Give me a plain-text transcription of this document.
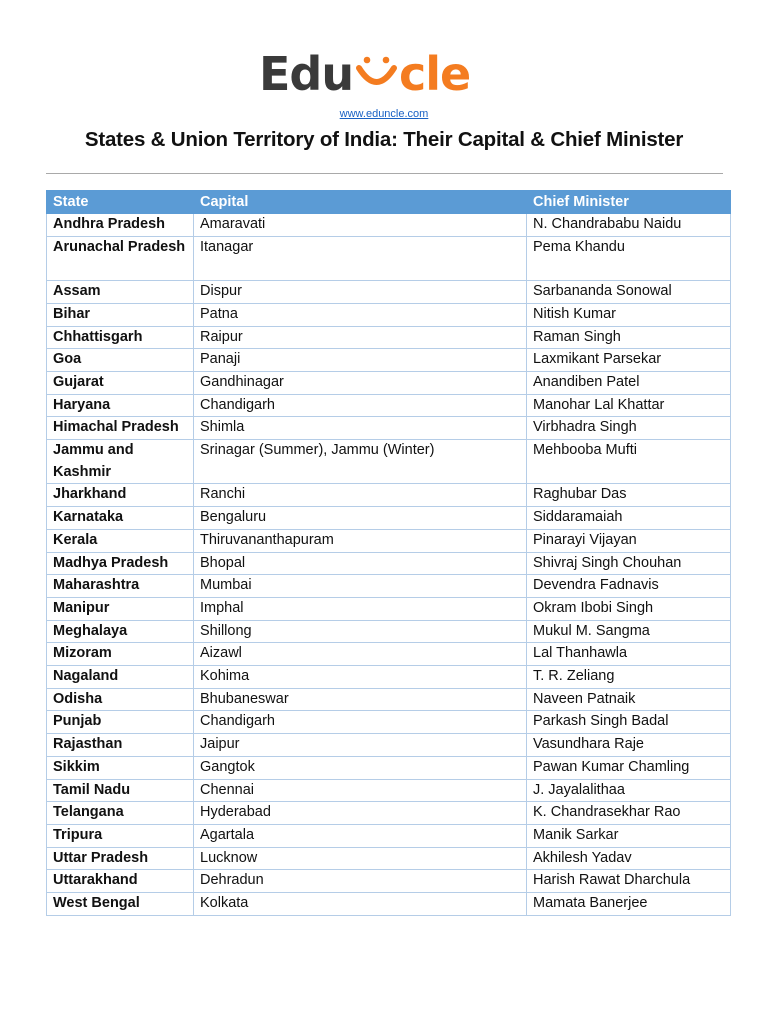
Edu cle
www.eduncle.com
States & Union Territory of India: Their Capital & Chief Minister
State	Capital	Chief Minister
Andhra Pradesh	Amaravati	N. Chandrababu Naidu
Arunachal Pradesh	Itanagar	Pema Khandu
Assam	Dispur	Sarbananda Sonowal
Bihar	Patna	Nitish Kumar
Chhattisgarh	Raipur	Raman Singh
Goa	Panaji	Laxmikant Parsekar
Gujarat	Gandhinagar	Anandiben Patel
Haryana	Chandigarh	Manohar Lal Khattar
Himachal Pradesh	Shimla	Virbhadra Singh
Jammu and Kashmir	Srinagar (Summer), Jammu (Winter)	Mehbooba Mufti
Jharkhand	Ranchi	Raghubar Das
Karnataka	Bengaluru	Siddaramaiah
Kerala	Thiruvananthapuram	Pinarayi Vijayan
Madhya Pradesh	Bhopal	Shivraj Singh Chouhan
Maharashtra	Mumbai	Devendra Fadnavis
Manipur	Imphal	Okram Ibobi Singh
Meghalaya	Shillong	Mukul M. Sangma
Mizoram	Aizawl	Lal Thanhawla
Nagaland	Kohima	T. R. Zeliang
Odisha	Bhubaneswar	Naveen Patnaik
Punjab	Chandigarh	Parkash Singh Badal
Rajasthan	Jaipur	Vasundhara Raje
Sikkim	Gangtok	Pawan Kumar Chamling
Tamil Nadu	Chennai	J. Jayalalithaa
Telangana	Hyderabad	K. Chandrasekhar Rao
Tripura	Agartala	Manik Sarkar
Uttar Pradesh	Lucknow	Akhilesh Yadav
Uttarakhand	Dehradun	Harish Rawat Dharchula
West Bengal	Kolkata	Mamata Banerjee
